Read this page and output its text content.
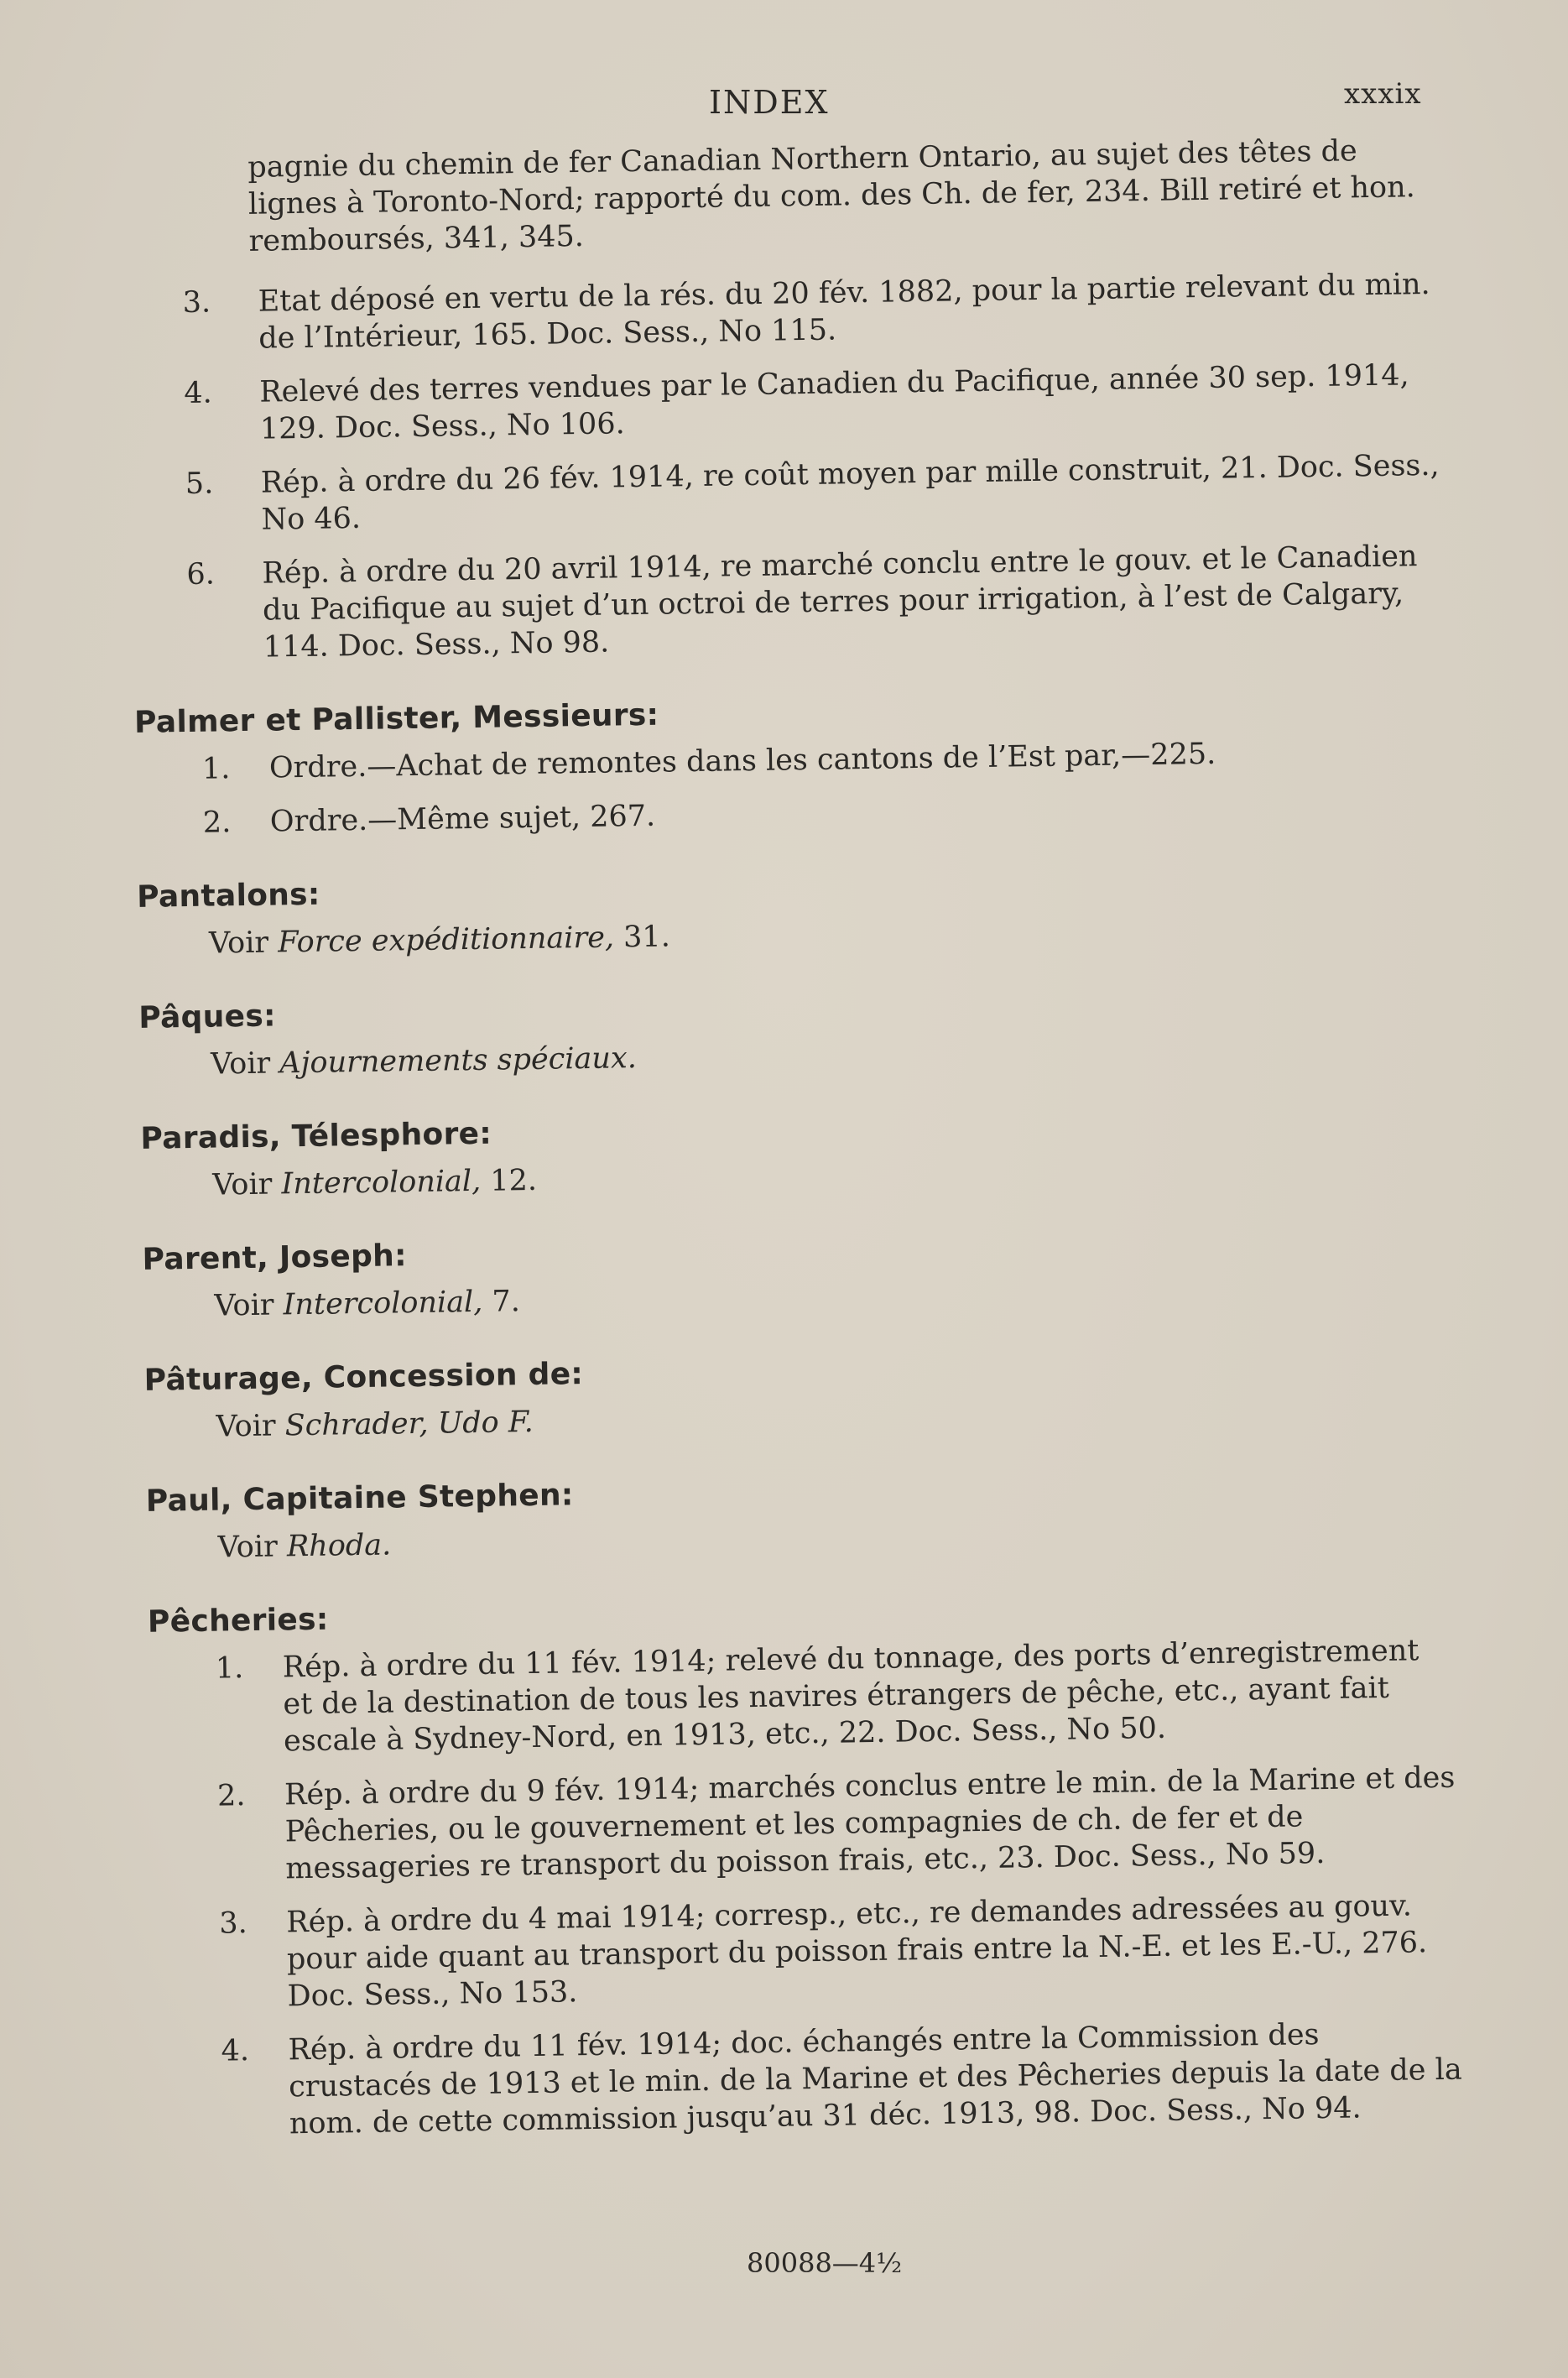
INDEX	xxxix

pagnie du chemin de fer Canadian Northern Ontario, au sujet des têtes de lignes à Toronto-Nord; rapporté du com. des Ch. de fer, 234. Bill retiré et hon. remboursés, 341, 345.

3. Etat déposé en vertu de la rés. du 20 fév. 1882, pour la partie relevant du min. de l’Intérieur, 165. Doc. Sess., No 115.
4. Relevé des terres vendues par le Canadien du Pacifique, année 30 sep. 1914, 129. Doc. Sess., No 106.
5. Rép. à ordre du 26 fév. 1914, re coût moyen par mille construit, 21. Doc. Sess., No 46.
6. Rép. à ordre du 20 avril 1914, re marché conclu entre le gouv. et le Canadien du Pacifique au sujet d’un octroi de terres pour irrigation, à l’est de Calgary, 114. Doc. Sess., No 98.
Palmer et Pallister, Messieurs:
1. Ordre.—Achat de remontes dans les cantons de l’Est par,—225.
2. Ordre.—Même sujet, 267.
Pantalons:

Voir Force expéditionnaire, 31.

Pâques:

Voir Ajournements spéciaux.

Paradis, Télesphore:

Voir Intercolonial, 12.

Parent, Joseph:

Voir Intercolonial, 7.

Pâturage, Concession de:

Voir Schrader, Udo F.

Paul, Capitaine Stephen:

Voir Rhoda.

Pêcheries:
1. Rép. à ordre du 11 fév. 1914; relevé du tonnage, des ports d’enregistrement et de la destination de tous les navires étrangers de pêche, etc., ayant fait escale à Sydney-Nord, en 1913, etc., 22. Doc. Sess., No 50.
2. Rép. à ordre du 9 fév. 1914; marchés conclus entre le min. de la Marine et des Pêcheries, ou le gouvernement et les compagnies de ch. de fer et de messageries re transport du poisson frais, etc., 23. Doc. Sess., No 59.
3. Rép. à ordre du 4 mai 1914; corresp., etc., re demandes adressées au gouv. pour aide quant au transport du poisson frais entre la N.-E. et les E.-U., 276. Doc. Sess., No 153.
4. Rép. à ordre du 11 fév. 1914; doc. échangés entre la Commission des crustacés de 1913 et le min. de la Marine et des Pêcheries depuis la date de la nom. de cette commission jusqu’au 31 déc. 1913, 98. Doc. Sess., No 94.
80088—4½
